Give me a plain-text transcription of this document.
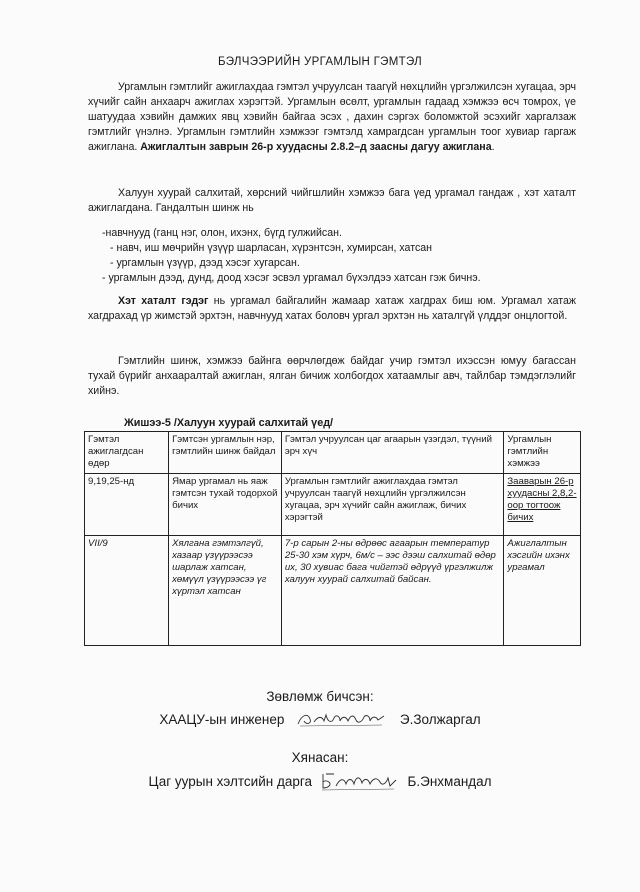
БЭЛЧЭЭРИЙН УРГАМЛЫН ГЭМТЭЛ
Ургамлын гэмтлийг ажиглахдаа гэмтэл учруулсан таагүй нөхцлийн үргэлжилсэн хугацаа, эрч хүчийг сайн анхаарч ажиглах хэрэгтэй. Ургамлын өсөлт, ургамлын гадаад хэмжээ өсч томрох, үе шатуудаа хэвийн дамжих явц хэвийн байгаа эсэх , дахин сэргэх боломжтой эсэхийг харгалзаж гэмтлийг үнэлнэ. Ургамлын гэмтлийн хэмжээг гэмтэлд хамрагдсан ургамлын тоог хувиар гаргаж ажиглана. Ажиглалтын заврын 26-р хуудасны 2.8.2–д заасны дагуу ажиглана.
Халуун хуурай салхитай, хөрсний чийгшлийн хэмжээ бага үед ургамал гандаж , хэт хаталт ажиглагдана. Гандалтын шинж нь

-навчнууд (ганц нэг, олон, ихэнх, бүгд гулжийсан.

- навч, иш мөчрийн үзүүр шарласан, хүрэнтсэн, хумирсан, хатсан

- ургамлын үзүүр, дээд хэсэг хугарсан.

- ургамлын дээд, дунд, доод хэсэг эсвэл ургамал бүхэлдээ хатсан гэж бичнэ.

Хэт хаталт гэдэг нь ургамал байгалийн жамаар хатаж хагдрах биш юм. Ургамал хатаж хагдрахад үр жимстэй эрхтэн, навчнууд хатах боловч ургал эрхтэн нь хаталгүй үлддэг онцлогтой.
Гэмтлийн шинж, хэмжээ байнга өөрчлөгдөж байдаг учир гэмтэл ихэссэн юмуу багассан тухай бүрийг анхааралтай ажиглан, ялган бичиж холбогдох хатаамлыг авч, тайлбар тэмдэглэлийг хийнэ.
Жишээ-5 /Халуун хуурай салхитай үед/
Гэмтэл ажиглагдсан өдөр	Гэмтсэн ургамлын нэр, гэмтлийн шинж байдал	Гэмтэл учруулсан цаг агаарын үзэгдэл, түүний эрч хүч	Ургамлын гэмтлийн хэмжээ
9,19,25-нд	Ямар ургамал нь яаж гэмтсэн тухай тодорхой бичих	Ургамлын гэмтлийг ажиглахдаа гэмтэл учруулсан таагүй нөхцлийн үргэлжилсэн хугацаа, эрч хүчийг сайн ажиглаж, бичих хэрэгтэй	Зааварын 26-р хуудасны 2,8,2-оор тогтоож бичих
VII/9	Хялгана гэмтэлгүй, хазаар үзүүрээсээ шарлаж хатсан, хөмүүл үзүүрээсээ үг хүртэл хатсан	7-р сарын 2-ны өдрөөс агаарын температур 25-30 хэм хүрч, 6м/с – ээс дээш салхитай өдөр их, 30 хувиас бага чийгтэй өдрүүд үргэлжилж халуун хуурай салхитай байсан.	Ажиглалтын хэсгийн ихэнх ургамал
Зөвлөмж бичсэн:
ХААЦУ-ын инженер	Э.Золжаргал
Хянасан:
Цаг уурын хэлтсийн дарга	Б.Энхмандал
